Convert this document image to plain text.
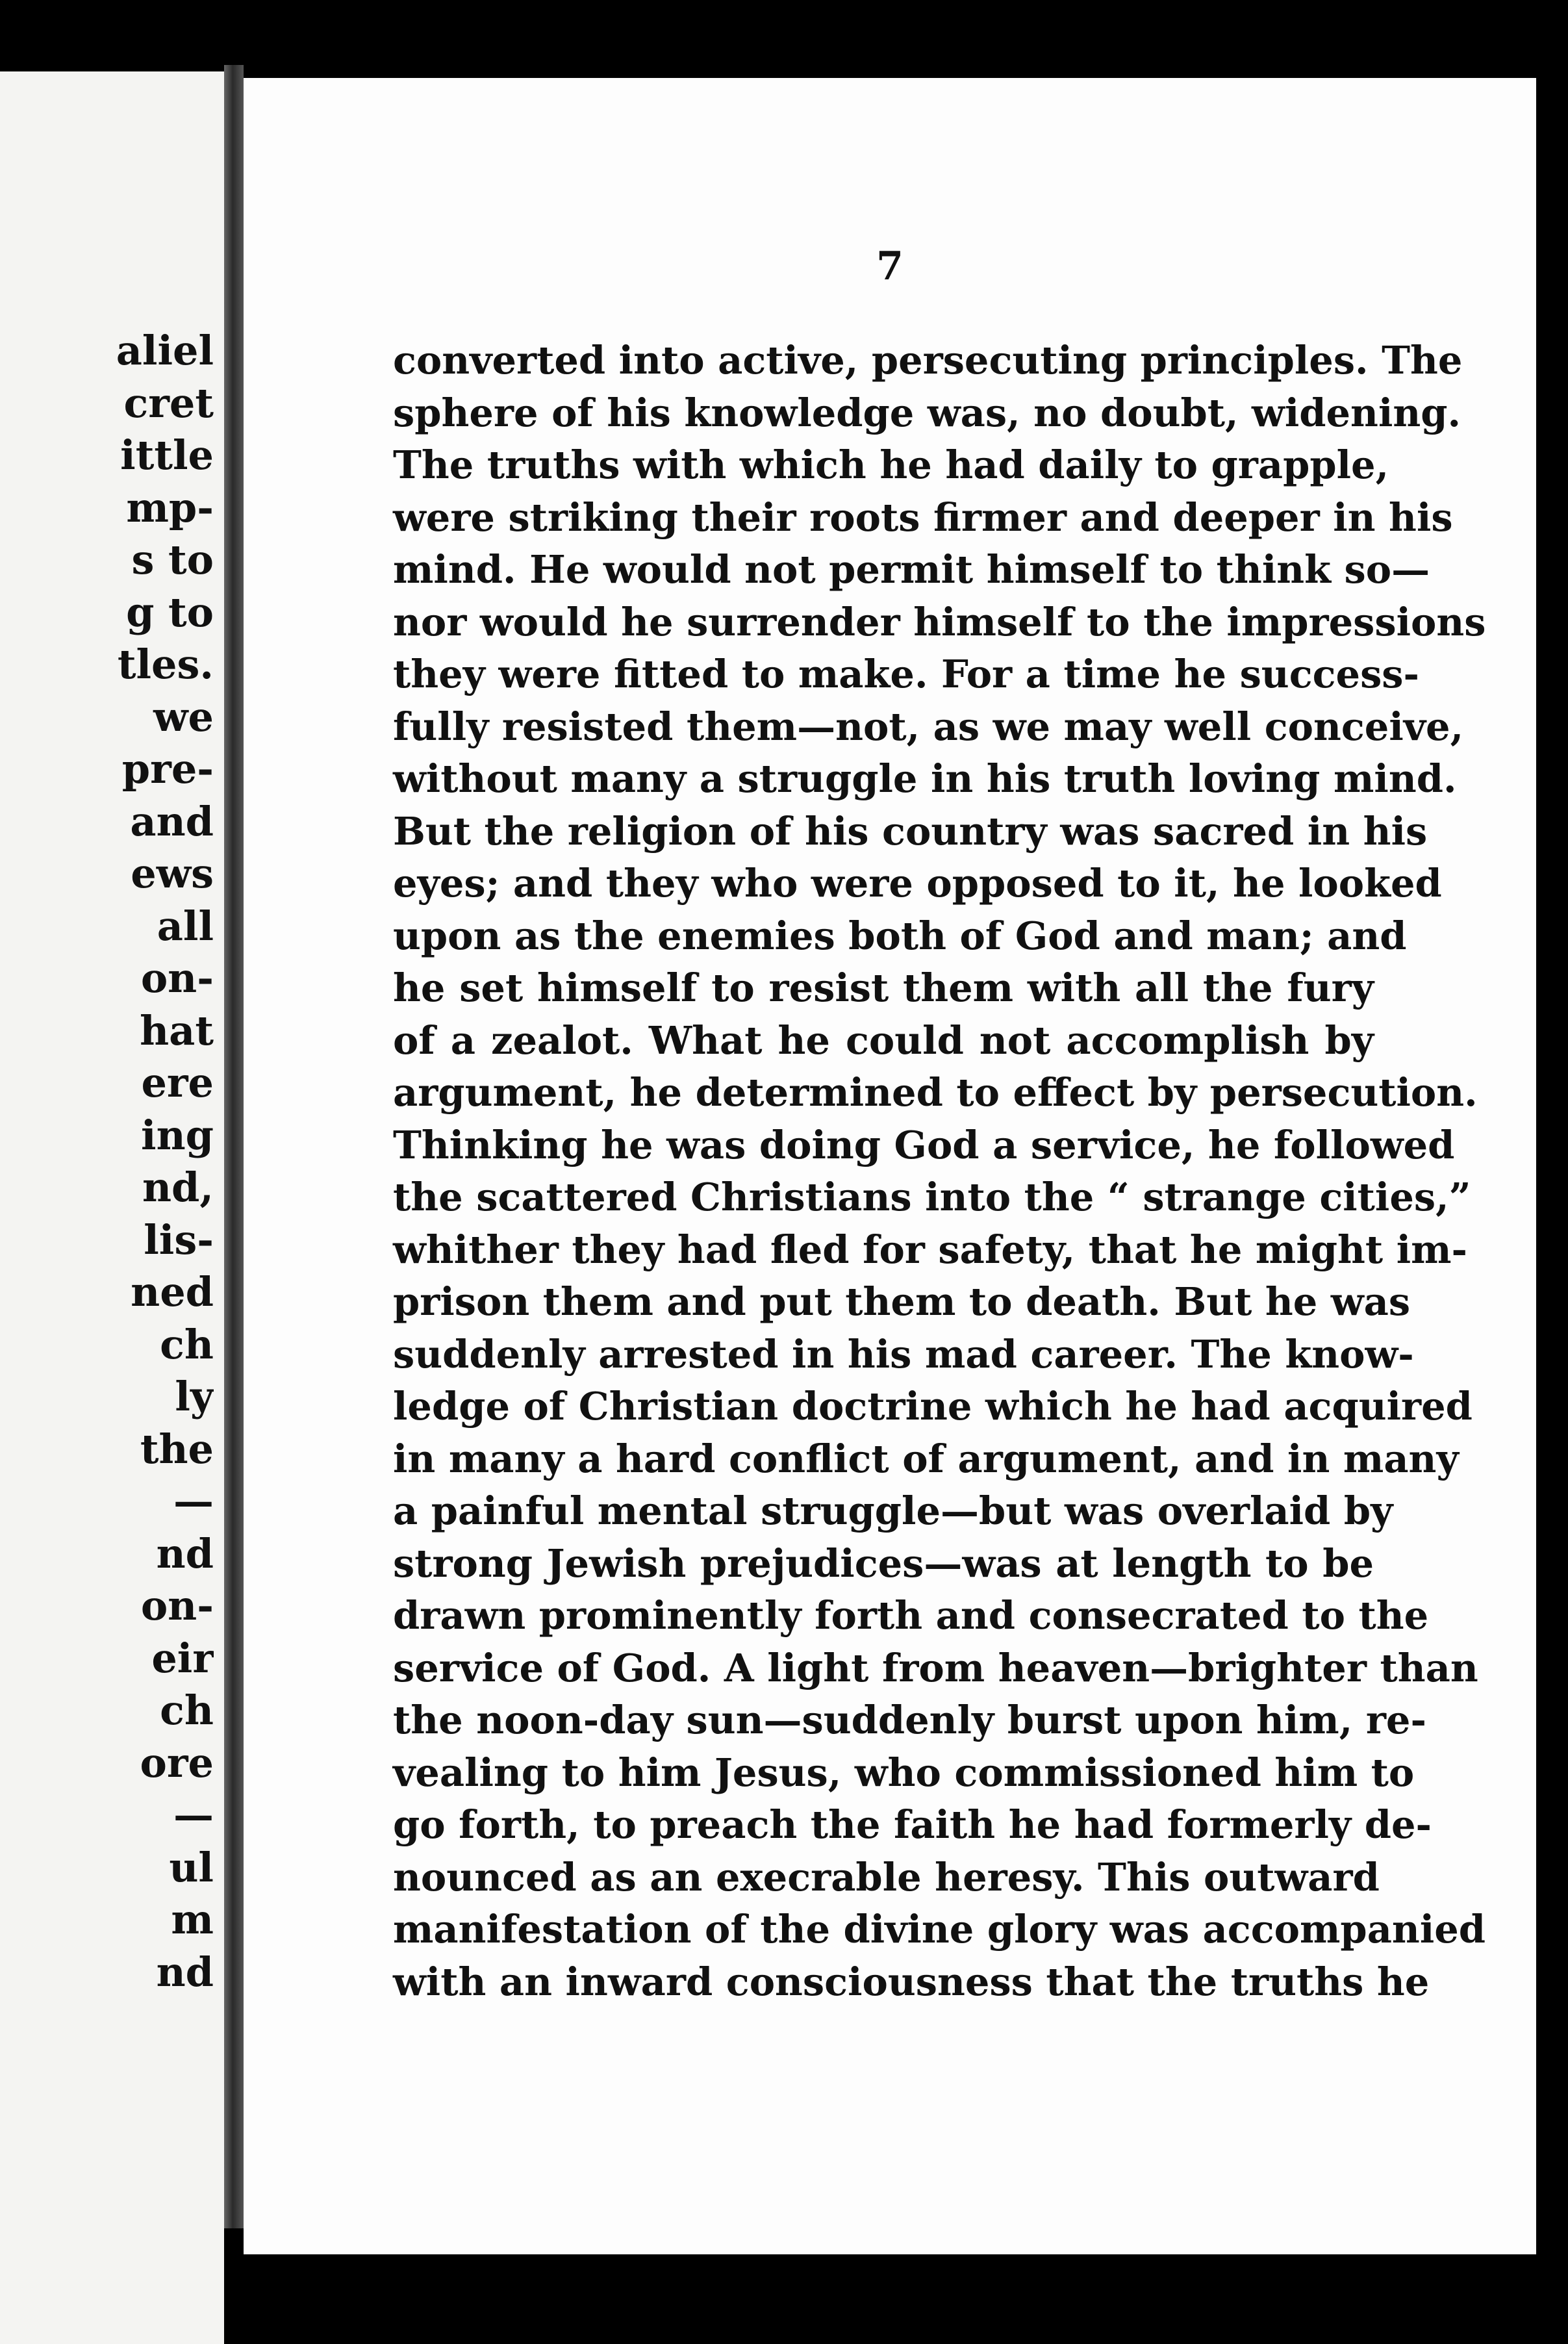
aliel
cret
ittle
mp-
s to
g to
tles.
we
pre-
and
ews
all
on-
hat
ere
ing
nd,
lis-
ned
ch
ly
the
—
nd
on-
eir
ch
ore
—
ul
m
nd
7
converted into active, persecuting principles. The
sphere of his knowledge was, no doubt, widening.
The truths with which he had daily to grapple,
were striking their roots firmer and deeper in his
mind. He would not permit himself to think so—
nor would he surrender himself to the impressions
they were fitted to make. For a time he success-
fully resisted them—not, as we may well conceive,
without many a struggle in his truth loving mind.
But the religion of his country was sacred in his
eyes; and they who were opposed to it, he looked
upon as the enemies both of God and man; and
he set himself to resist them with all the fury
of a zealot. What he could not accomplish by
argument, he determined to effect by persecution.
Thinking he was doing God a service, he followed
the scattered Christians into the “ strange cities,”
whither they had fled for safety, that he might im-
prison them and put them to death. But he was
suddenly arrested in his mad career. The know-
ledge of Christian doctrine which he had acquired
in many a hard conflict of argument, and in many
a painful mental struggle—but was overlaid by
strong Jewish prejudices—was at length to be
drawn prominently forth and consecrated to the
service of God. A light from heaven—brighter than
the noon-day sun—suddenly burst upon him, re-
vealing to him Jesus, who commissioned him to
go forth, to preach the faith he had formerly de-
nounced as an execrable heresy. This outward
manifestation of the divine glory was accompanied
with an inward consciousness that the truths he
